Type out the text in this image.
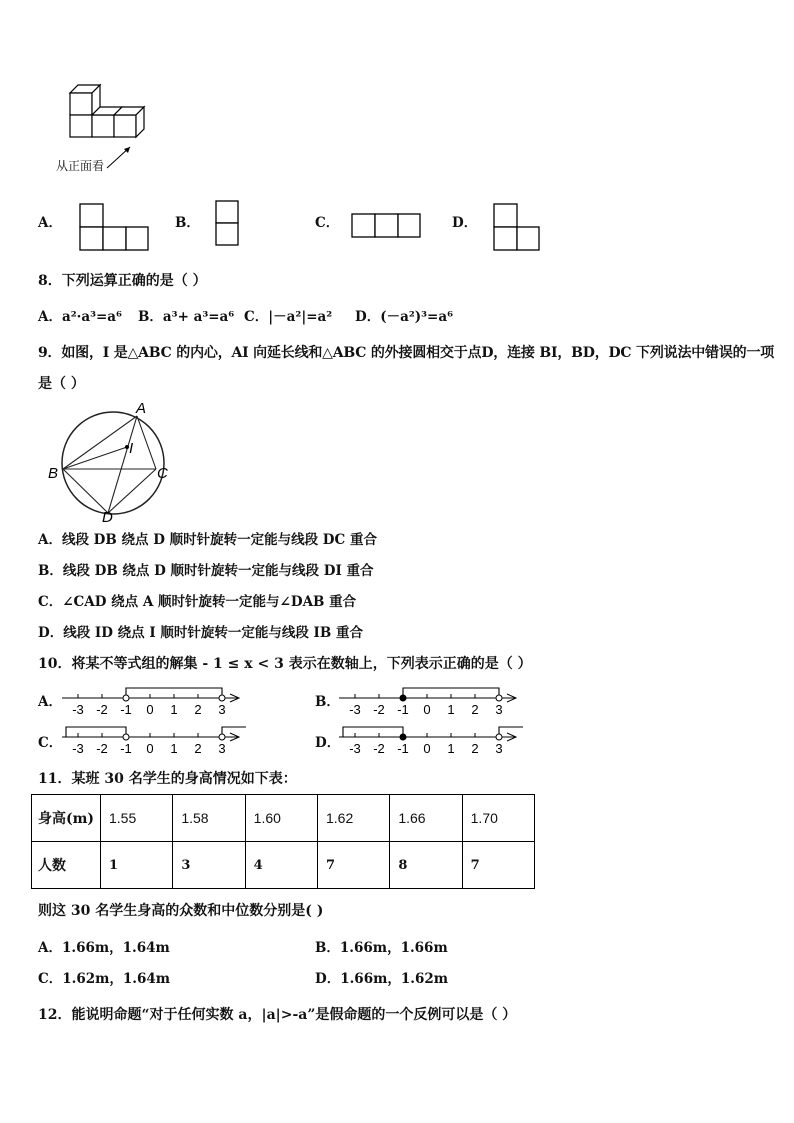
从正面看
A．	B．	C．	D．
8．下列运算正确的是（ ）
A．a²·a³=a⁶ B．a³+ a³=a⁶ C．|－a²|=a² D．(－a²)³=a⁶
9．如图，I 是△ABC 的内心，AI 向延长线和△ABC 的外接圆相交于点D，连接 BI，BD，DC 下列说法中错误的一项
是（ ）
A
I
B	C
D
A．线段 DB 绕点 D 顺时针旋转一定能与线段 DC 重合
B．线段 DB 绕点 D 顺时针旋转一定能与线段 DI 重合
C．∠CAD 绕点 A 顺时针旋转一定能与∠DAB 重合
D．线段 ID 绕点 I 顺时针旋转一定能与线段 IB 重合
10．将某不等式组的解集 - 1 ≤ x < 3 表示在数轴上，下列表示正确的是（ ）
A． -3 -2 -1 0 1 2 3	B． -3 -2 -1 0 1 2 3
C． -3 -2 -1 0 1 2 3	D． -3 -2 -1 0 1 2 3
11．某班 30 名学生的身高情况如下表：
身高(m)	1.55	1.58	1.60	1.62	1.66	1.70
人数	1	3	4	7	8	7
则这 30 名学生身高的众数和中位数分别是( )
A．1.66m，1.64m	B．1.66m，1.66m
C．1.62m，1.64m	D．1.66m，1.62m
12．能说明命题“对于任何实数 a，|a|>-a”是假命题的一个反例可以是（ ）
